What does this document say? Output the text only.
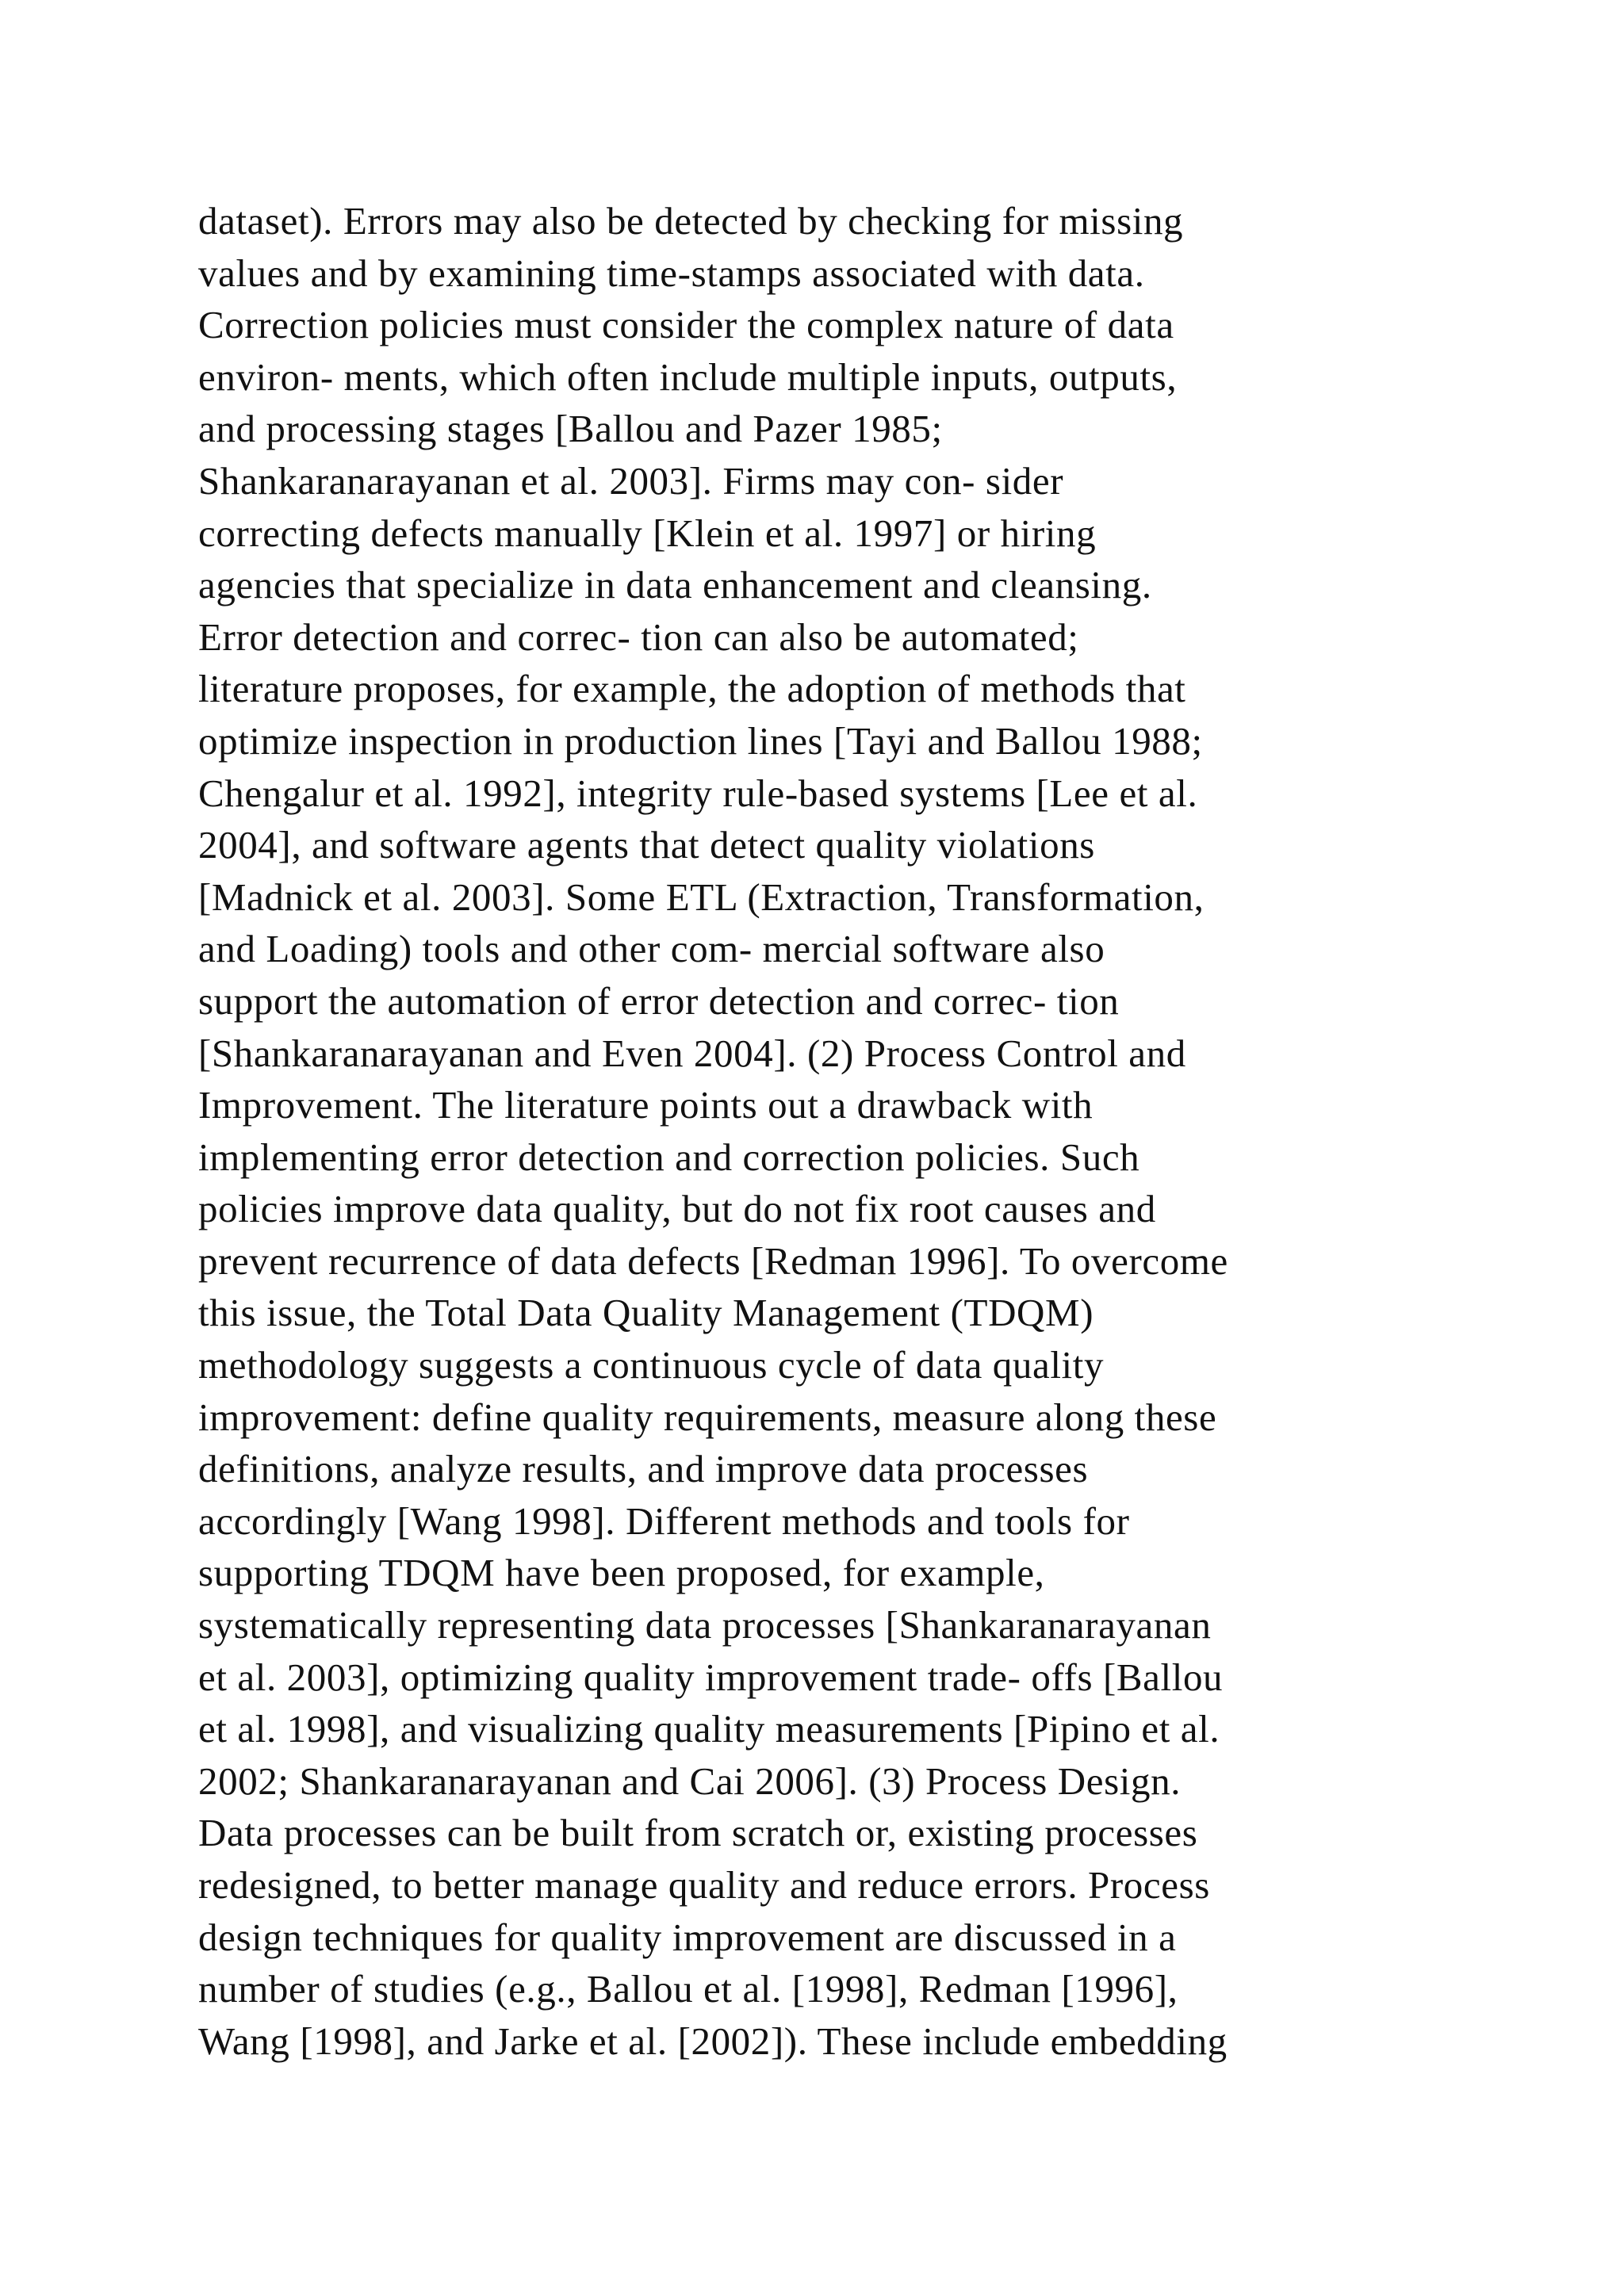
dataset). Errors may also be detected by checking for missing
values and by examining time-stamps associated with data.
Correction policies must consider the complex nature of data
environ- ments, which often include multiple inputs, outputs,
and processing stages [Ballou and Pazer 1985;
Shankaranarayanan et al. 2003]. Firms may con- sider
correcting defects manually [Klein et al. 1997] or hiring
agencies that specialize in data enhancement and cleansing.
Error detection and correc- tion can also be automated;
literature proposes, for example, the adoption of methods that
optimize inspection in production lines [Tayi and Ballou 1988;
Chengalur et al. 1992], integrity rule-based systems [Lee et al.
2004], and software agents that detect quality violations
[Madnick et al. 2003]. Some ETL (Extraction, Transformation,
and Loading) tools and other com- mercial software also
support the automation of error detection and correc- tion
[Shankaranarayanan and Even 2004]. (2) Process Control and
Improvement. The literature points out a drawback with
implementing error detection and correction policies. Such
policies improve data quality, but do not fix root causes and
prevent recurrence of data defects [Redman 1996]. To overcome
this issue, the Total Data Quality Management (TDQM)
methodology suggests a continuous cycle of data quality
improvement: define quality requirements, measure along these
definitions, analyze results, and improve data processes
accordingly [Wang 1998]. Different methods and tools for
supporting TDQM have been proposed, for example,
systematically representing data processes [Shankaranarayanan
et al. 2003], optimizing quality improvement trade- offs [Ballou
et al. 1998], and visualizing quality measurements [Pipino et al.
2002; Shankaranarayanan and Cai 2006]. (3) Process Design.
Data processes can be built from scratch or, existing processes
redesigned, to better manage quality and reduce errors. Process
design techniques for quality improvement are discussed in a
number of studies (e.g., Ballou et al. [1998], Redman [1996],
Wang [1998], and Jarke et al. [2002]). These include embedding
